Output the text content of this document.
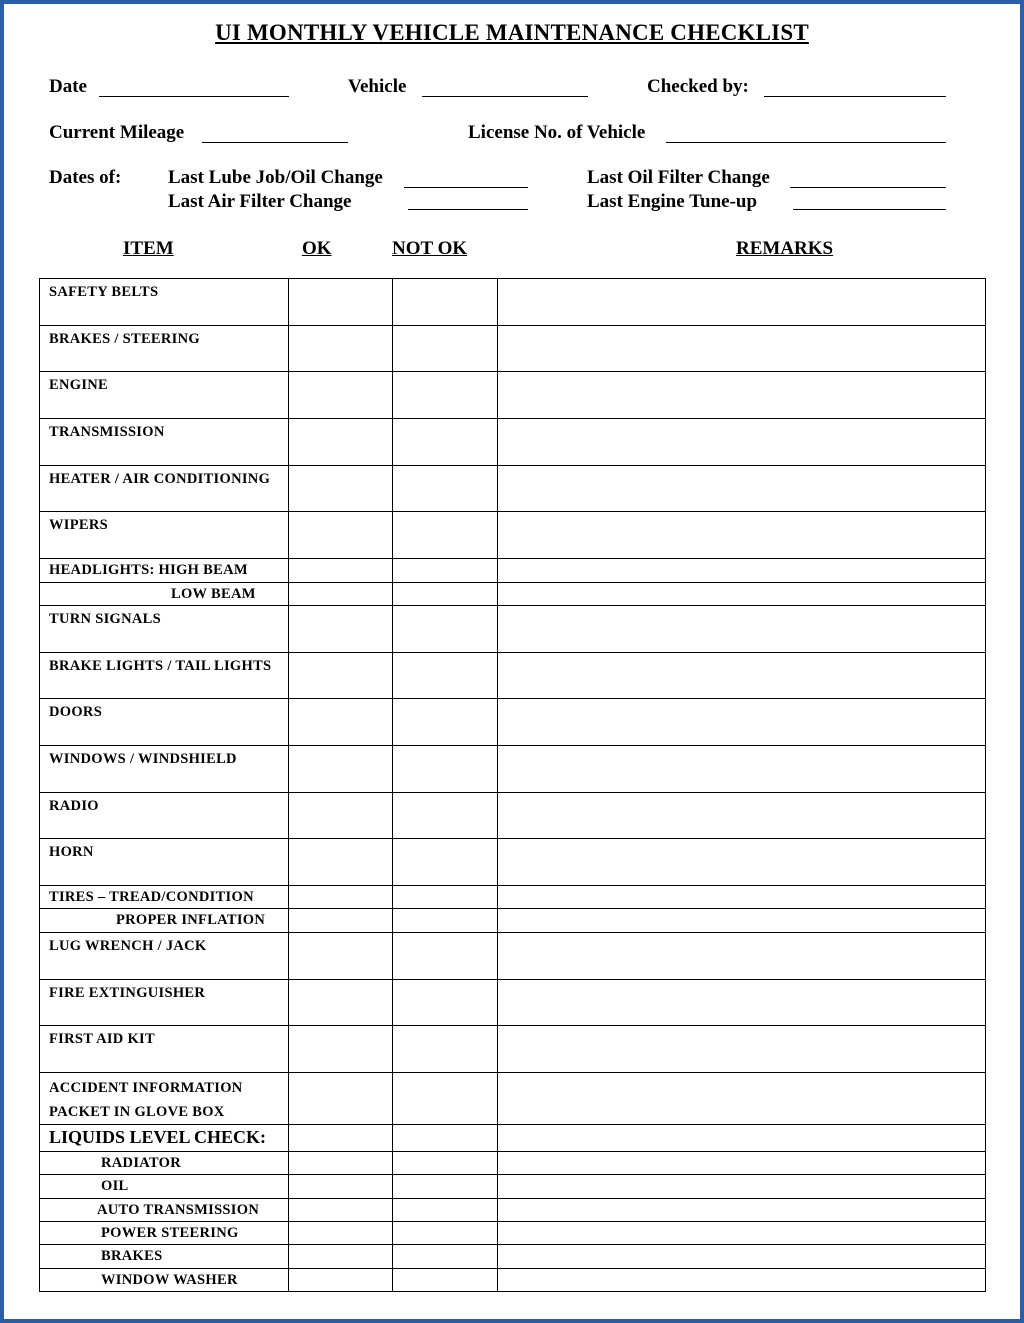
UI MONTHLY VEHICLE MAINTENANCE CHECKLIST
Date	Vehicle	Checked by:
Current Mileage	License No. of Vehicle
Dates of: Last Lube Job/Oil Change
Last Air Filter Change
Last Oil Filter Change
Last Engine Tune-up
ITEM	OK	NOT OK	REMARKS
SAFETY BELTS			

BRAKES / STEERING			

ENGINE			

TRANSMISSION			

HEATER / AIR CONDITIONING			

WIPERS			

HEADLIGHTS: HIGH BEAM			

LOW BEAM			

TURN SIGNALS			

BRAKE LIGHTS / TAIL LIGHTS			

DOORS			

WINDOWS / WINDSHIELD			

RADIO			

HORN			

TIRES – TREAD/CONDITION			

PROPER INFLATION			

LUG WRENCH / JACK			

FIRE EXTINGUISHER			

FIRST AID KIT			

ACCIDENT INFORMATION
PACKET IN GLOVE BOX			

LIQUIDS LEVEL CHECK:			

RADIATOR			

OIL			

AUTO TRANSMISSION			

POWER STEERING			

BRAKES			

WINDOW WASHER			
